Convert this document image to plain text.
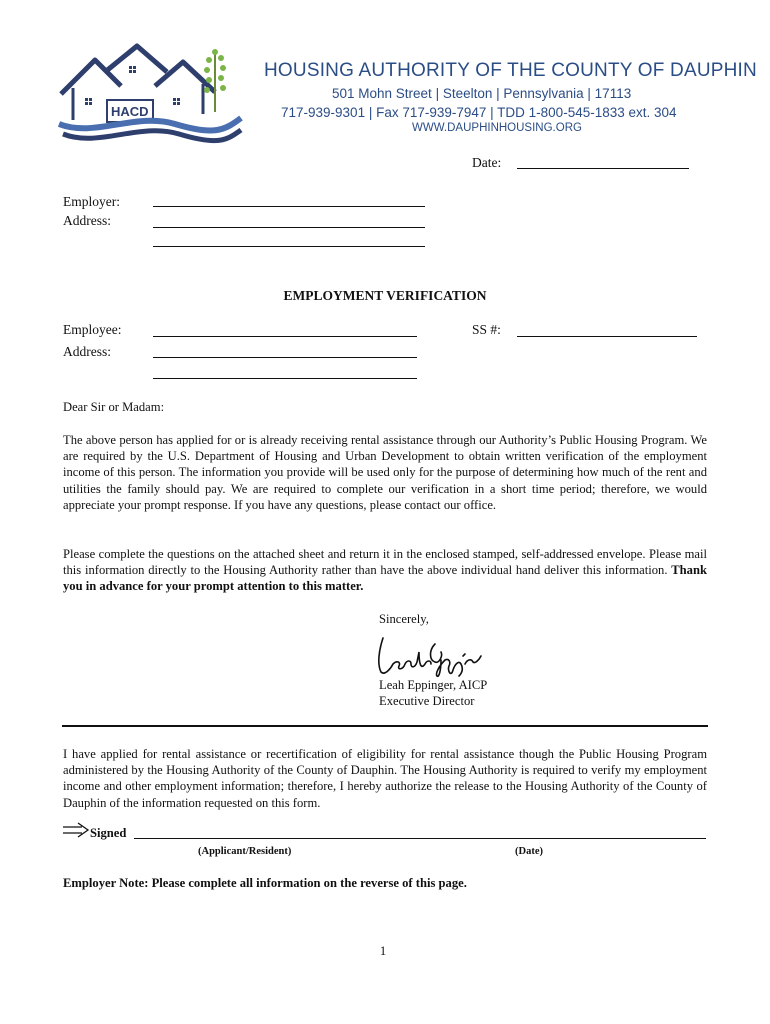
HACD
HOUSING AUTHORITY OF THE COUNTY OF DAUPHIN
501 Mohn Street | Steelton | Pennsylvania | 17113
717-939-9301 | Fax 717-939-7947 | TDD 1-800-545-1833 ext. 304
WWW.DAUPHINHOUSING.ORG
Date:
Employer:
Address:
EMPLOYMENT VERIFICATION
Employee:	SS #:
Address:
Dear Sir or Madam:
The above person has applied for or is already receiving rental assistance through our Authority’s Public Housing Program. We are required by the U.S. Department of Housing and Urban Development to obtain written verification of the employment income of this person. The information you provide will be used only for the purpose of determining how much of the rent and utilities the family should pay. We are required to complete our verification in a short time period; therefore, we would appreciate your prompt response. If you have any questions, please contact our office.
Please complete the questions on the attached sheet and return it in the enclosed stamped, self-addressed envelope. Please mail this information directly to the Housing Authority rather than have the above individual hand deliver this information. Thank you in advance for your prompt attention to this matter.
Sincerely,
Leah Eppinger, AICP
Executive Director
I have applied for rental assistance or recertification of eligibility for rental assistance though the Public Housing Program administered by the Housing Authority of the County of Dauphin. The Housing Authority is required to verify my employment income and other employment information; therefore, I hereby authorize the release to the Housing Authority of the County of Dauphin of the information requested on this form.
Signed
(Applicant/Resident)	(Date)
Employer Note: Please complete all information on the reverse of this page.
1
